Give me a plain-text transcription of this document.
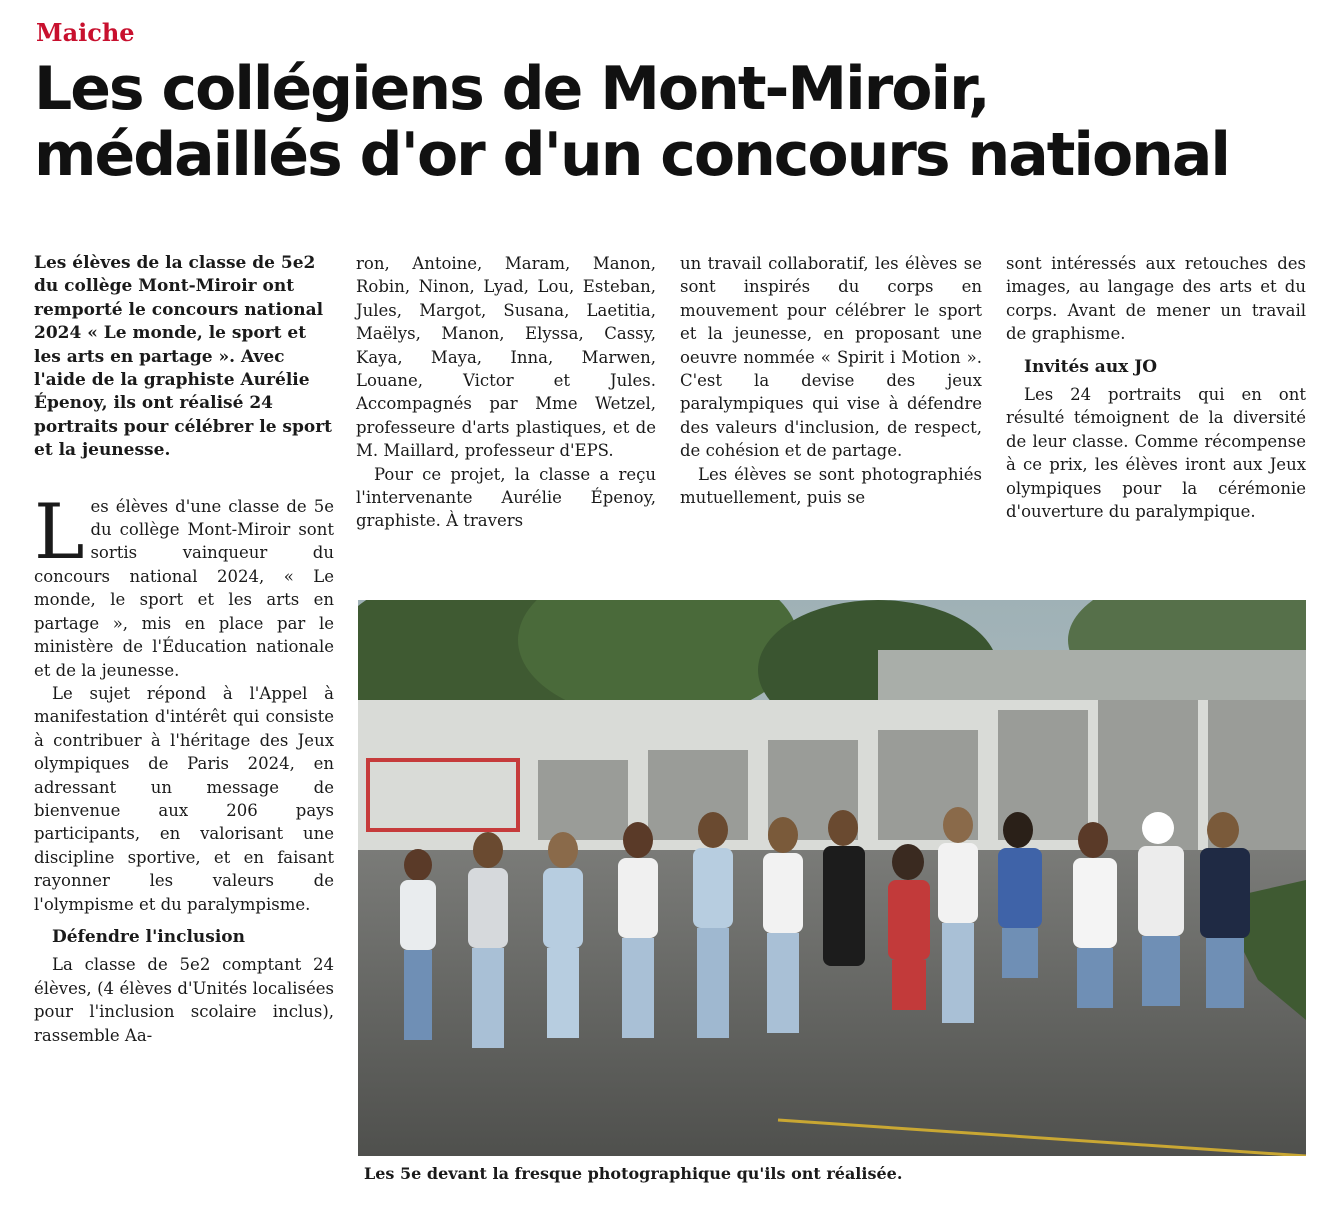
Maiche
Les collégiens de Mont-Miroir,
médaillés d'or d'un concours national

Les élèves de la classe de 5e2 du collège Mont-Miroir ont remporté le concours national 2024 « Le monde, le sport et les arts en partage ». Avec l'aide de la graphiste Aurélie Épenoy, ils ont réalisé 24 portraits pour célébrer le sport et la jeunesse.

Les élèves d'une classe de 5e du collège Mont-Miroir sont sortis vainqueur du concours national 2024, « Le monde, le sport et les arts en partage », mis en place par le ministère de l'Éducation nationale et de la jeunesse.

Le sujet répond à l'Appel à manifestation d'intérêt qui consiste à contribuer à l'héritage des Jeux olympiques de Paris 2024, en adressant un message de bienvenue aux 206 pays participants, en valorisant une discipline sportive, et en faisant rayonner les valeurs de l'olympisme et du paralympisme.

Défendre l'inclusion

La classe de 5e2 comptant 24 élèves, (4 élèves d'Unités localisées pour l'inclusion scolaire inclus), rassemble Aa-

ron, Antoine, Maram, Manon, Robin, Ninon, Lyad, Lou, Esteban, Jules, Margot, Susana, Laetitia, Maëlys, Manon, Elyssa, Cassy, Kaya, Maya, Inna, Marwen, Louane, Victor et Jules. Accompagnés par Mme Wetzel, professeure d'arts plastiques, et de M. Maillard, professeur d'EPS.

Pour ce projet, la classe a reçu l'intervenante Aurélie Épenoy, graphiste. À travers

un travail collaboratif, les élèves se sont inspirés du corps en mouvement pour célébrer le sport et la jeunesse, en proposant une oeuvre nommée « Spirit i Motion ». C'est la devise des jeux paralympiques qui vise à défendre des valeurs d'inclusion, de respect, de cohésion et de partage.

Les élèves se sont photographiés mutuellement, puis se

sont intéressés aux retouches des images, au langage des arts et du corps. Avant de mener un travail de graphisme.

Invités aux JO

Les 24 portraits qui en ont résulté témoignent de la diversité de leur classe. Comme récompense à ce prix, les élèves iront aux Jeux olympiques pour la cérémonie d'ouverture du paralympique.

Les 5e devant la fresque photographique qu'ils ont réalisée.
